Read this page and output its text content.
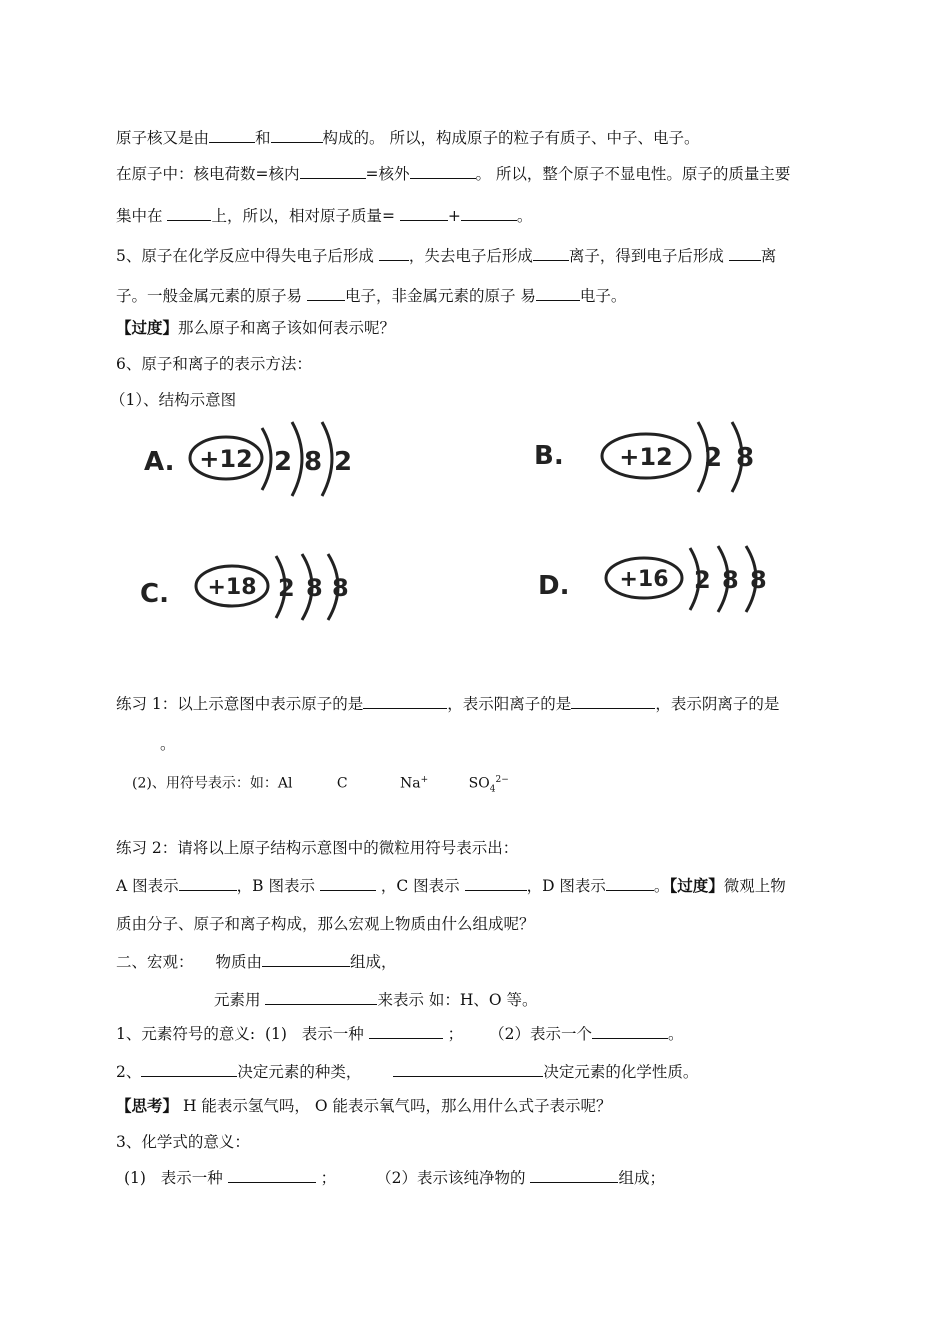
原子核又是由	和	构成的。 所以，构成原子的粒子有质子、中子、电子。
在原子中：核电荷数=核内	=核外	。 所以，整个原子不显电性。原子的质量主要
集中在	上，所以，相对原子质量=	+	。
5、原子在化学反应中得失电子后形成 ，失去电子后形成 离子，得到电子后形成 离
子。一般金属元素的原子易	电子，非金属元素的原子 易	电子。
【过度】那么原子和离子该如何表示呢？
6、原子和离子的表示方法：
（1）、结构示意图
A. +12 2 8 2	B. +12 2 8
C. +18 2 8 8	D. +16 2 8 8
练习 1：以上示意图中表示原子的是	，表示阳离子的是	，表示阴离子的是
。
(2)、用符号表示：如：Al	C	Na+	$SO_4^{2-}$
练习 2：请将以上原子结构示意图中的微粒用符号表示出：
A 图表示	，B 图表示	，C 图表示	，D 图表示	。【过度】微观上物
质由分子、原子和离子构成，那么宏观上物质由什么组成呢？
二、宏观： 物质由	组成，
元素用	来表示 如：H、O 等。
1、元素符号的意义: (1) 表示一种	； （2）表示一个	。
2、	决定元素的种类，	决定元素的化学性质。
【思考】 H 能表示氢气吗， O 能表示氧气吗，那么用什么式子表示呢？
3、化学式的意义：
(1) 表示一种	；	（2）表示该纯净物的	组成；
